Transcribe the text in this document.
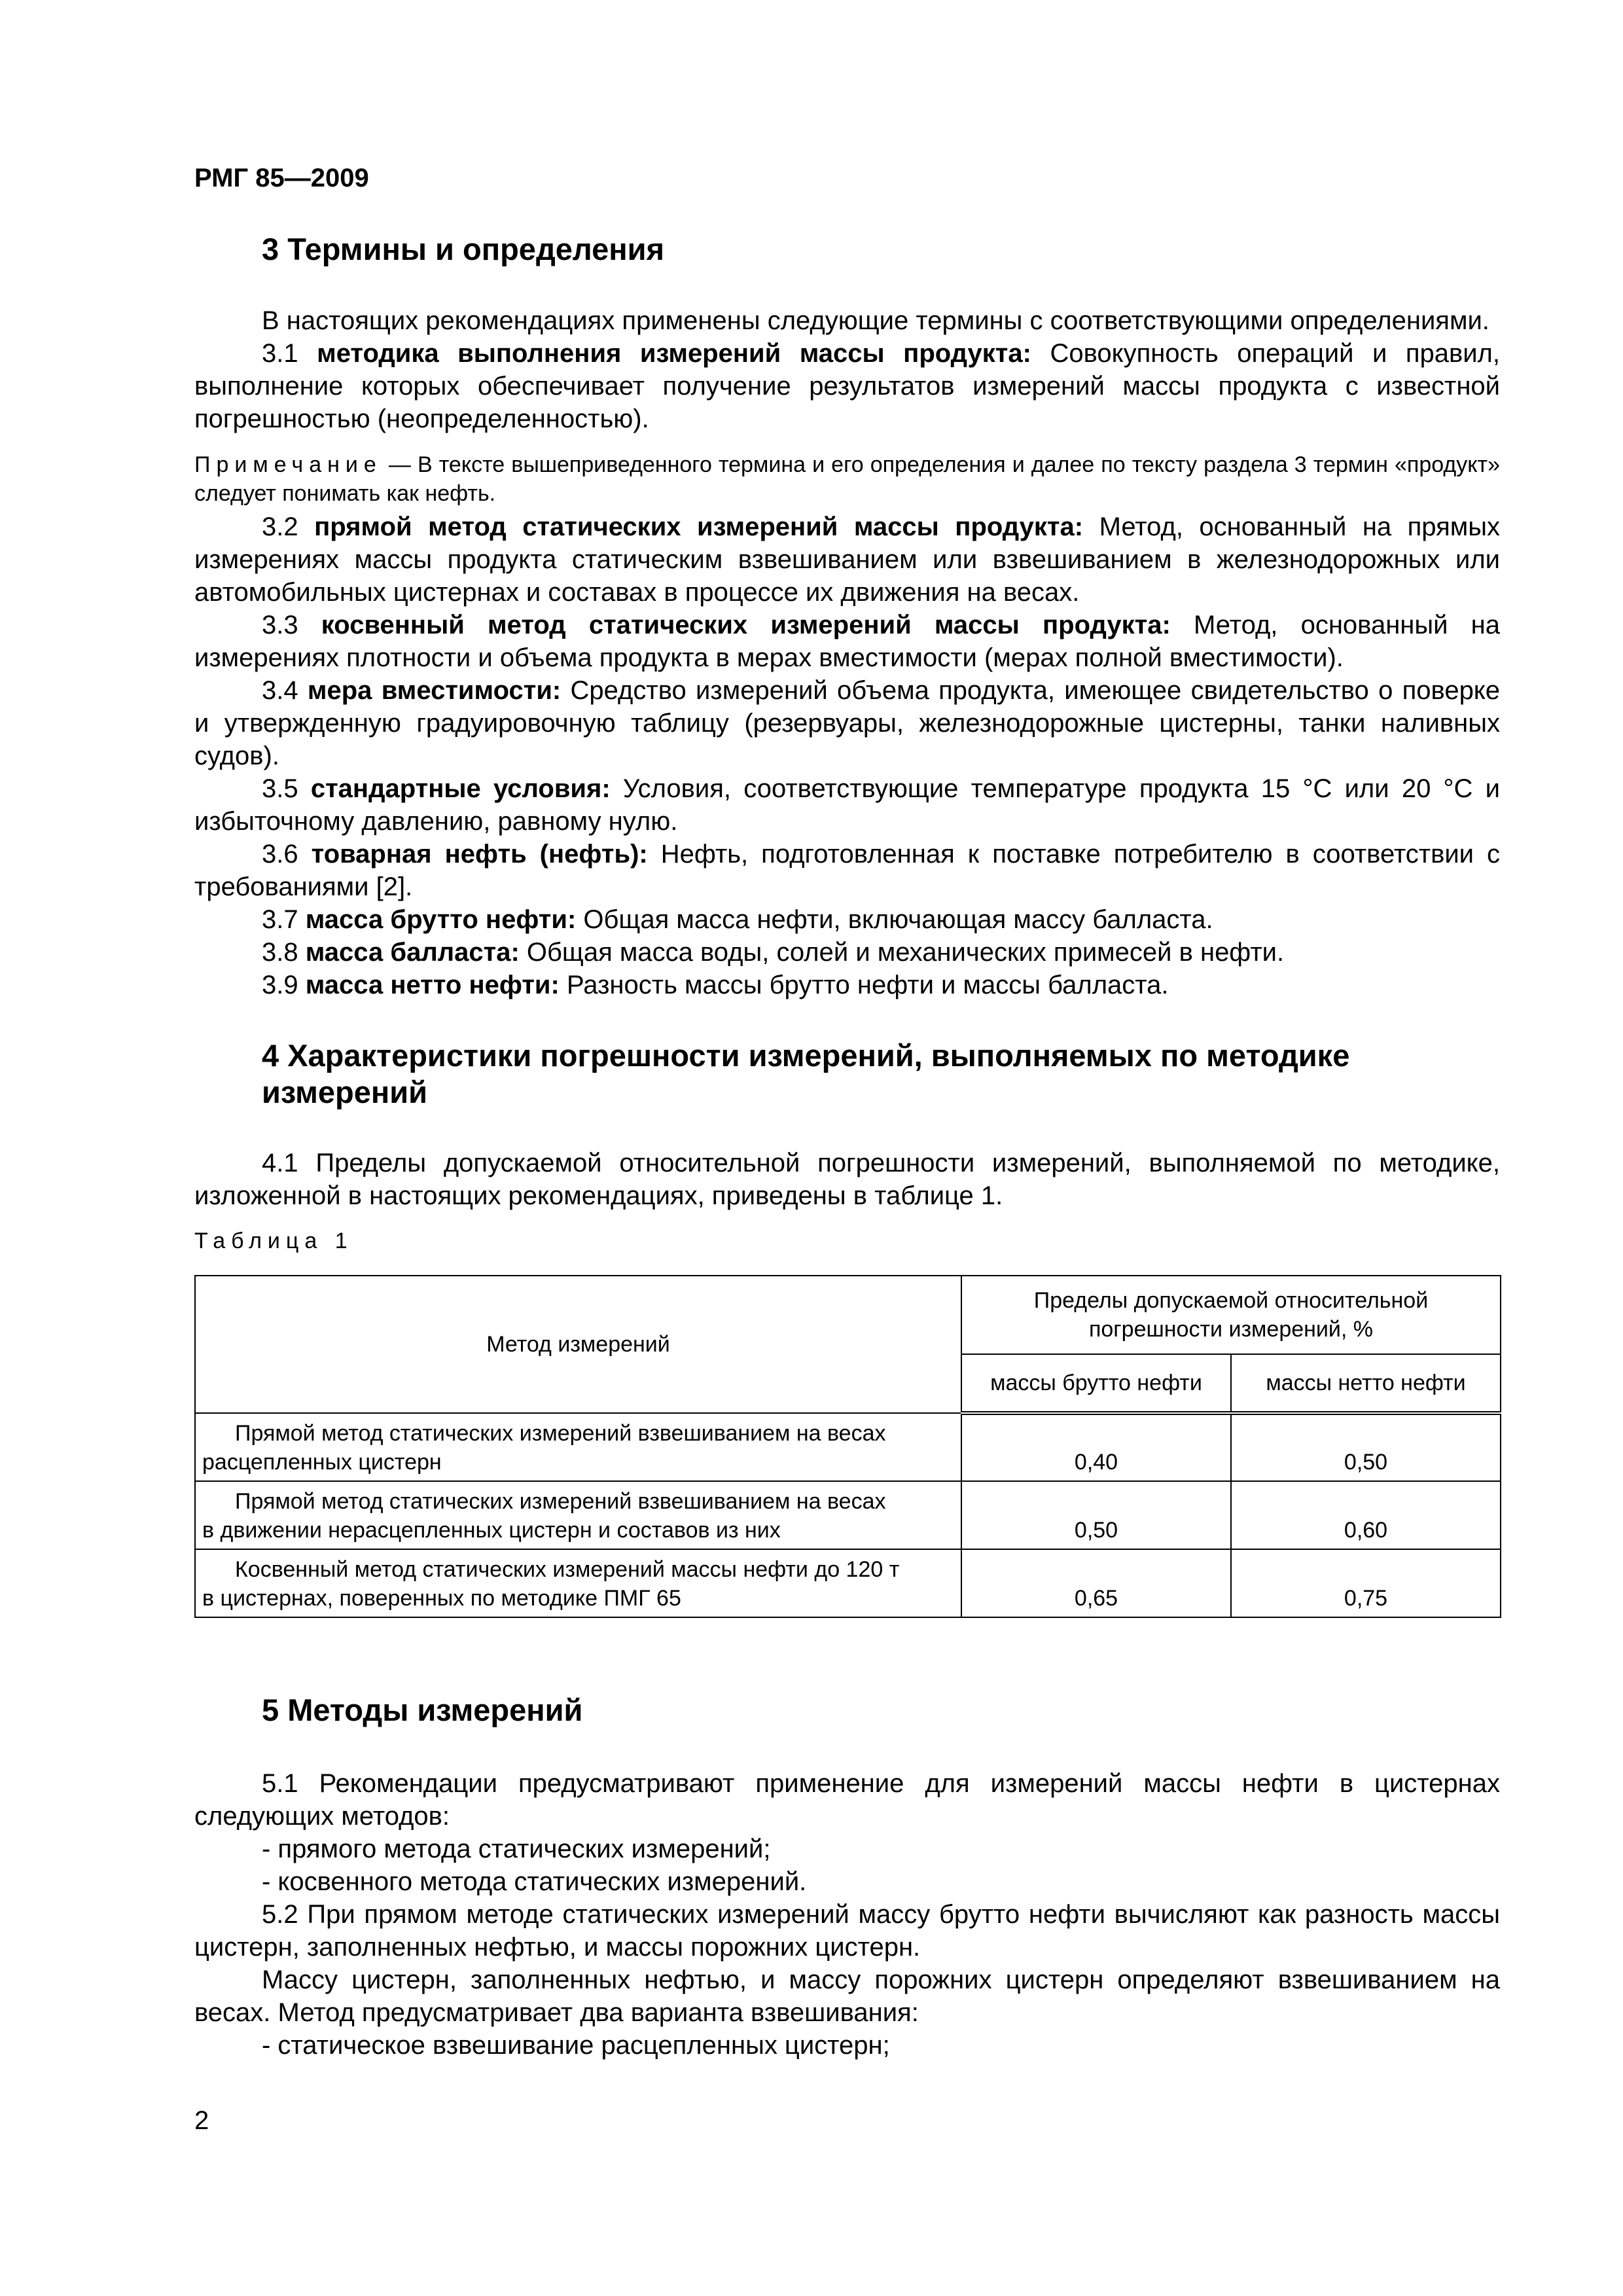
РМГ 85—2009
3 Термины и определения

В настоящих рекомендациях применены следующие термины с соответствующими определениями.

3.1 методика выполнения измерений массы продукта: Совокупность операций и правил, выполнение которых обеспечивает получение результатов измерений массы продукта с известной погрешностью (неопределенностью).

Примечание — В тексте вышеприведенного термина и его определения и далее по тексту раздела 3 термин «продукт» следует понимать как нефть.

3.2 прямой метод статических измерений массы продукта: Метод, основанный на прямых измерениях массы продукта статическим взвешиванием или взвешиванием в железнодорожных или автомобильных цистернах и составах в процессе их движения на весах.

3.3 косвенный метод статических измерений массы продукта: Метод, основанный на измерениях плотности и объема продукта в мерах вместимости (мерах полной вместимости).

3.4 мера вместимости: Средство измерений объема продукта, имеющее свидетельство о поверке и утвержденную градуировочную таблицу (резервуары, железнодорожные цистерны, танки наливных судов).

3.5 стандартные условия: Условия, соответствующие температуре продукта 15 °С или 20 °С и избыточному давлению, равному нулю.

3.6 товарная нефть (нефть): Нефть, подготовленная к поставке потребителю в соответствии с требованиями [2].

3.7 масса брутто нефти: Общая масса нефти, включающая массу балласта.

3.8 масса балласта: Общая масса воды, солей и механических примесей в нефти.

3.9 масса нетто нефти: Разность массы брутто нефти и массы балласта.

4 Характеристики погрешности измерений, выполняемых по методике измерений

4.1 Пределы допускаемой относительной погрешности измерений, выполняемой по методике, изложенной в настоящих рекомендациях, приведены в таблице 1.

Таблица 1
Метод измерений	Пределы допускаемой относительной погрешности измерений, %	
	массы брутто нефти	массы нетто нефти

Прямой метод статических измерений взвешиванием на весах
расцепленных цистерн	0,40	0,50

Прямой метод статических измерений взвешиванием на весах
в движении нерасцепленных цистерн и составов из них	0,50	0,60

Косвенный метод статических измерений массы нефти до 120 т
в цистернах, поверенных по методике ПМГ 65	0,65	0,75
5 Методы измерений

5.1 Рекомендации предусматривают применение для измерений массы нефти в цистернах следующих методов:

- прямого метода статических измерений;

- косвенного метода статических измерений.

5.2 При прямом методе статических измерений массу брутто нефти вычисляют как разность массы цистерн, заполненных нефтью, и массы порожних цистерн.

Массу цистерн, заполненных нефтью, и массу порожних цистерн определяют взвешиванием на весах. Метод предусматривает два варианта взвешивания:

- статическое взвешивание расцепленных цистерн;

2
